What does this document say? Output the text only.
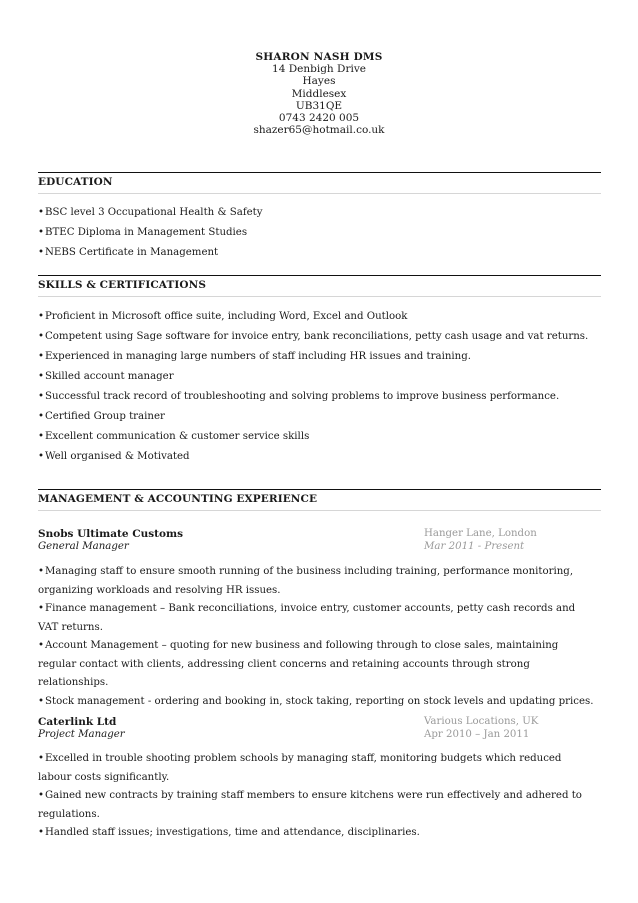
SHARON NASH DMS
14 Denbigh Drive
Hayes
Middlesex
UB31QE
0743 2420 005
shazer65@hotmail.co.uk
EDUCATION
•BSC level 3 Occupational Health & Safety
•BTEC Diploma in Management Studies
•NEBS Certificate in Management
SKILLS & CERTIFICATIONS
•Proficient in Microsoft office suite, including Word, Excel and Outlook
•Competent using Sage software for invoice entry, bank reconciliations, petty cash usage and vat returns.
•Experienced in managing large numbers of staff including HR issues and training.
•Skilled account manager
•Successful track record of troubleshooting and solving problems to improve business performance.
•Certified Group trainer
•Excellent communication & customer service skills
•Well organised & Motivated
MANAGEMENT & ACCOUNTING EXPERIENCE
Snobs Ultimate Customs
General Manager
Hanger Lane, London
Mar 2011 - Present
•Managing staff to ensure smooth running of the business including training, performance monitoring, organizing workloads and resolving HR issues.
•Finance management – Bank reconciliations, invoice entry, customer accounts, petty cash records and VAT returns.
•Account Management – quoting for new business and following through to close sales, maintaining regular contact with clients, addressing client concerns and retaining accounts through strong relationships.
•Stock management - ordering and booking in, stock taking, reporting on stock levels and updating prices.
Caterlink Ltd
Project Manager
Various Locations, UK
Apr 2010 – Jan 2011
•Excelled in trouble shooting problem schools by managing staff, monitoring budgets which reduced labour costs significantly.
•Gained new contracts by training staff members to ensure kitchens were run effectively and adhered to regulations.
•Handled staff issues; investigations, time and attendance, disciplinaries.
